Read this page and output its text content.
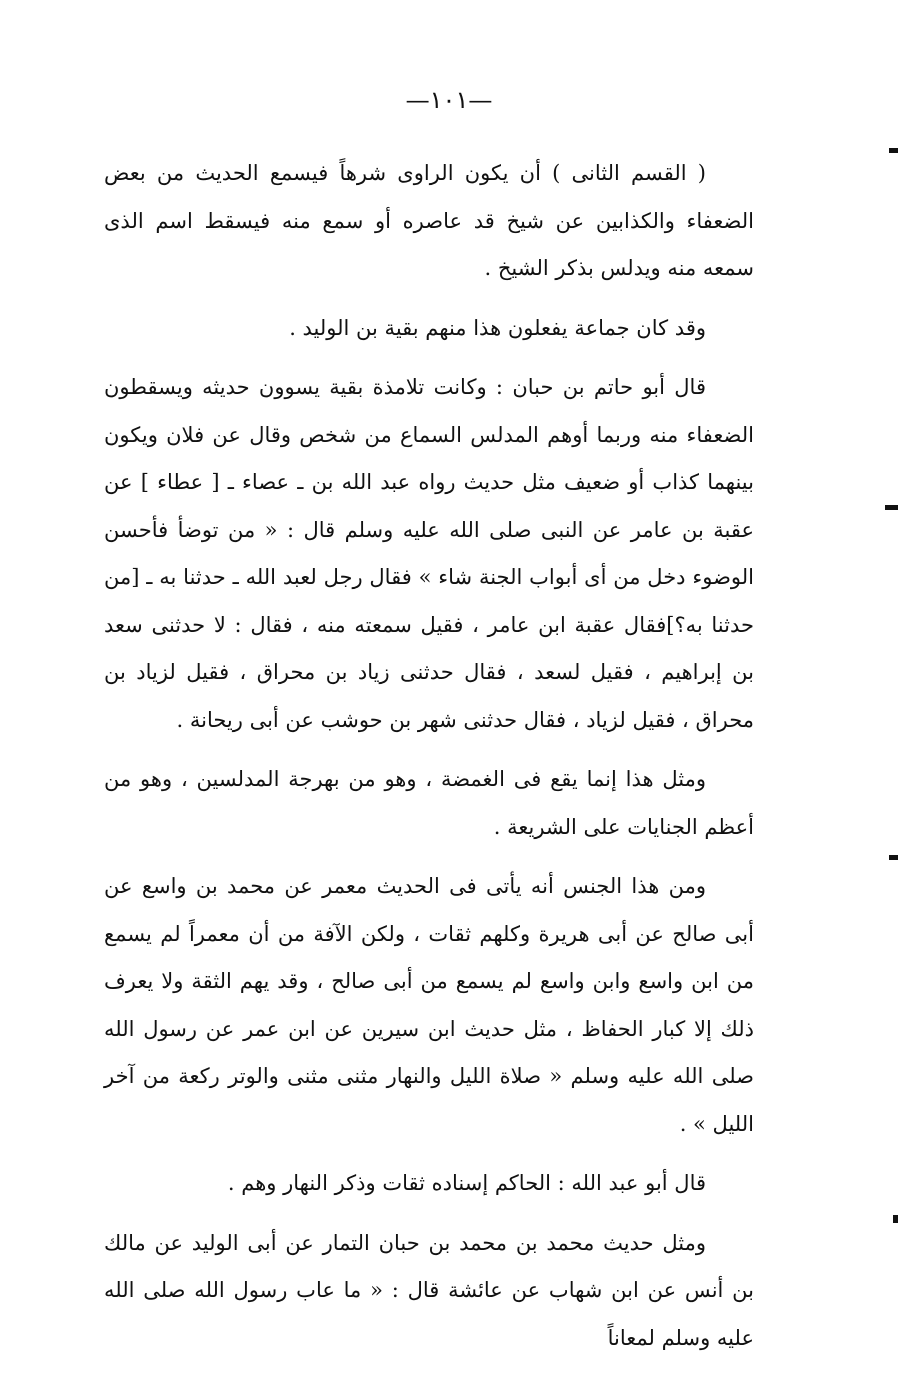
—١٠١—

( القسم الثانى ) أن يكون الراوى شرهاً فيسمع الحديث من بعض الضعفاء والكذابين عن شيخ قد عاصره أو سمع منه فيسقط اسم الذى سمعه منه ويدلس بذكر الشيخ .

وقد كان جماعة يفعلون هذا منهم بقية بن الوليد .

قال أبو حاتم بن حبان : وكانت تلامذة بقية يسوون حديثه ويسقطون الضعفاء منه وربما أوهم المدلس السماع من شخص وقال عن فلان ويكون بينهما كذاب أو ضعيف مثل حديث رواه عبد الله بن ـ عصاء ـ [ عطاء ] عن عقبة بن عامر عن النبى صلى الله عليه وسلم قال : « من توضأ فأحسن الوضوء دخل من أى أبواب الجنة شاء » فقال رجل لعبد الله ـ حدثنا به ـ [من حدثنا به؟]فقال عقبة ابن عامر ، فقيل سمعته منه ، فقال : لا حدثنى سعد بن إبراهيم ، فقيل لسعد ، فقال حدثنى زياد بن محراق ، فقيل لزياد بن محراق ، فقيل لزياد ، فقال حدثنى شهر بن حوشب عن أبى ريحانة .

ومثل هذا إنما يقع فى الغمضة ، وهو من بهرجة المدلسين ، وهو من أعظم الجنايات على الشريعة .

ومن هذا الجنس أنه يأتى فى الحديث معمر عن محمد بن واسع عن أبى صالح عن أبى هريرة وكلهم ثقات ، ولكن الآفة من أن معمراً لم يسمع من ابن واسع وابن واسع لم يسمع من أبى صالح ، وقد يهم الثقة ولا يعرف ذلك إلا كبار الحفاظ ، مثل حديث ابن سيرين عن ابن عمر عن رسول الله صلى الله عليه وسلم « صلاة الليل والنهار مثنى مثنى والوتر ركعة من آخر الليل » .

قال أبو عبد الله : الحاكم إسناده ثقات وذكر النهار وهم .

ومثل حديث محمد بن محمد بن حبان التمار عن أبى الوليد عن مالك بن أنس عن ابن شهاب عن عائشة قال : « ما عاب رسول الله صلى الله عليه وسلم لمعاناً
